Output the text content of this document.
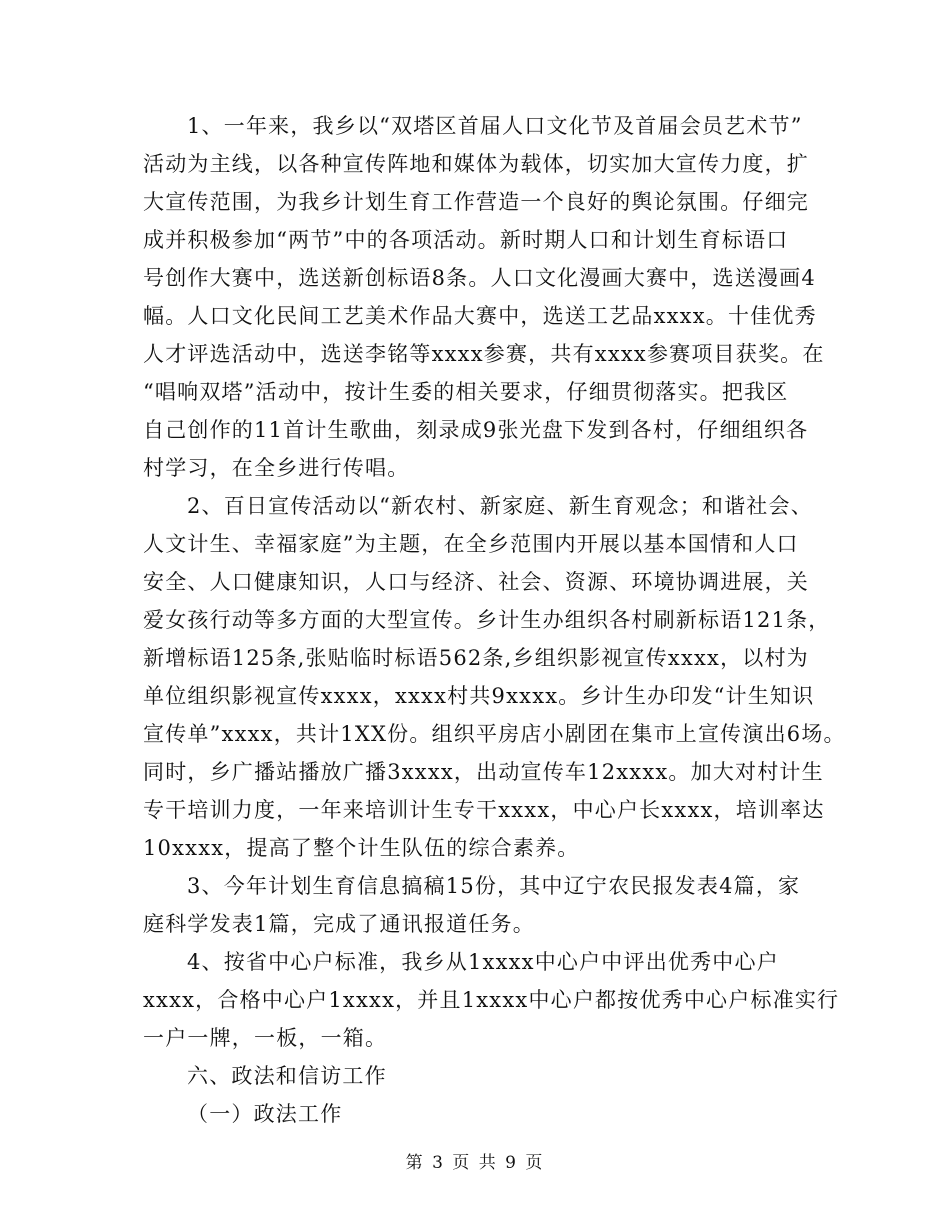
1、一年来，我乡以“双塔区首届人口文化节及首届会员艺术节”
活动为主线，以各种宣传阵地和媒体为载体，切实加大宣传力度，扩
大宣传范围，为我乡计划生育工作营造一个良好的舆论氛围。仔细完
成并积极参加“两节”中的各项活动。新时期人口和计划生育标语口
号创作大赛中，选送新创标语8条。人口文化漫画大赛中，选送漫画4
幅。人口文化民间工艺美术作品大赛中，选送工艺品xxxx。十佳优秀
人才评选活动中，选送李铭等xxxx参赛，共有xxxx参赛项目获奖。在
“唱响双塔”活动中，按计生委的相关要求，仔细贯彻落实。把我区
自己创作的11首计生歌曲，刻录成9张光盘下发到各村，仔细组织各
村学习，在全乡进行传唱。
2、百日宣传活动以“新农村、新家庭、新生育观念；和谐社会、
人文计生、幸福家庭”为主题，在全乡范围内开展以基本国情和人口
安全、人口健康知识，人口与经济、社会、资源、环境协调进展，关
爱女孩行动等多方面的大型宣传。乡计生办组织各村刷新标语121条，
新增标语125条,张贴临时标语562条,乡组织影视宣传xxxx，以村为
单位组织影视宣传xxxx，xxxx村共9xxxx。乡计生办印发“计生知识
宣传单”xxxx，共计1XX份。组织平房店小剧团在集市上宣传演出6场。
同时，乡广播站播放广播3xxxx，出动宣传车12xxxx。加大对村计生
专干培训力度，一年来培训计生专干xxxx，中心户长xxxx，培训率达
10xxxx，提高了整个计生队伍的综合素养。
3、今年计划生育信息搞稿15份，其中辽宁农民报发表4篇，家
庭科学发表1篇，完成了通讯报道任务。
4、按省中心户标准，我乡从1xxxx中心户中评出优秀中心户
xxxx，合格中心户1xxxx，并且1xxxx中心户都按优秀中心户标准实行
一户一牌，一板，一箱。
六、政法和信访工作
（一）政法工作
第 3 页 共 9 页
